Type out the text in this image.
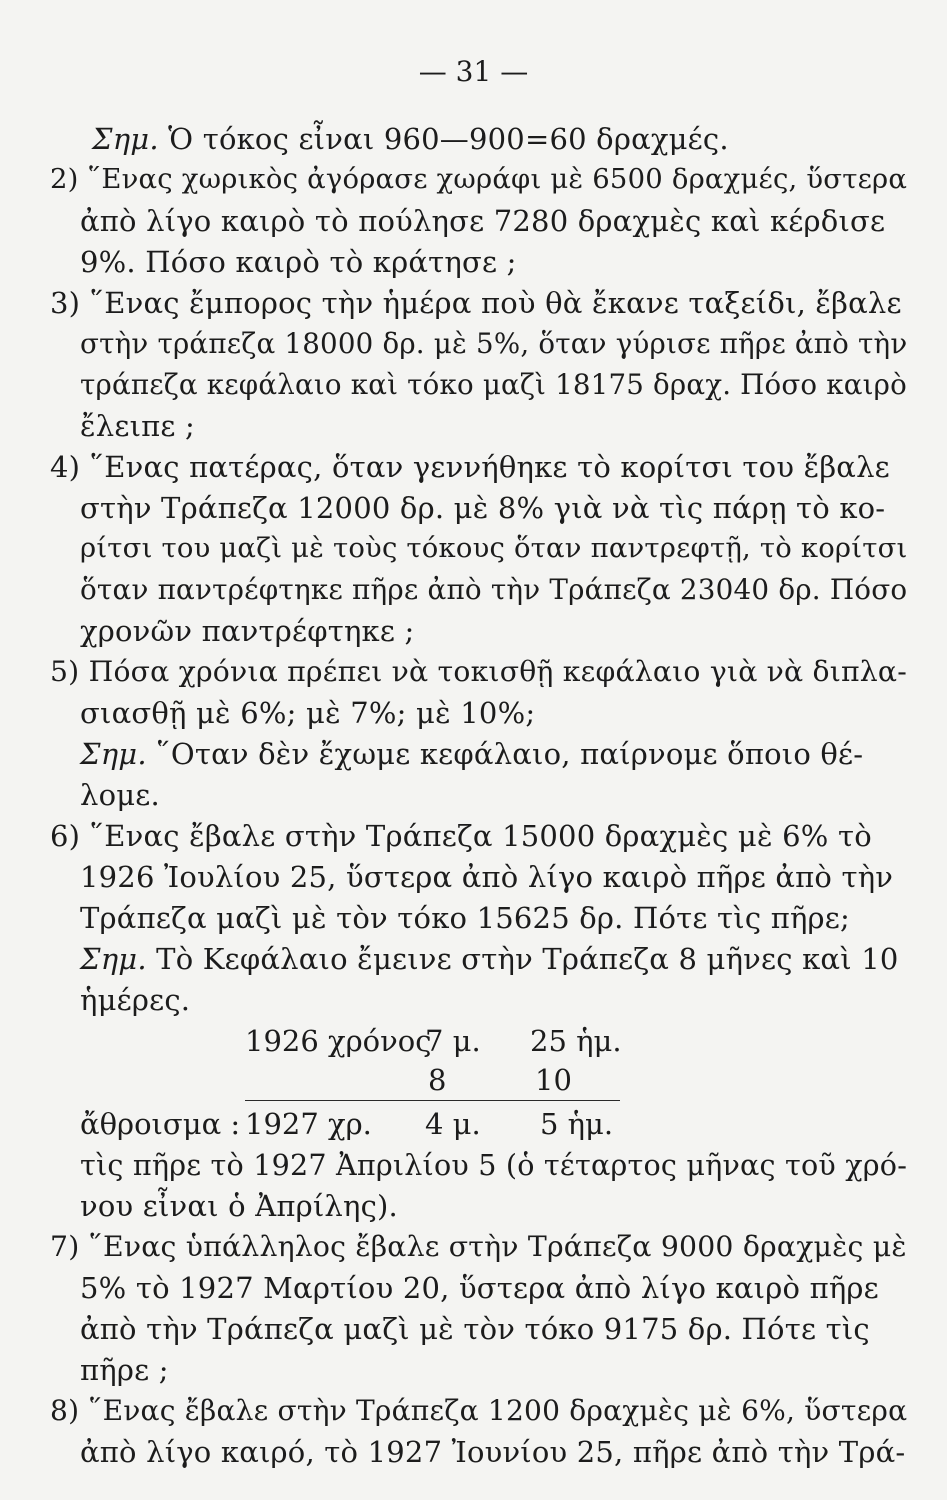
— 31 —
Σημ. Ὁ τόκος εἶναι 960—900=60 δραχμές.
2) ῞Ενας χωρικὸς ἀγόρασε χωράφι μὲ 6500 δραχμές, ὕστερα
ἀπὸ λίγο καιρὸ τὸ πούλησε 7280 δραχμὲς καὶ κέρδισε
9%. Πόσο καιρὸ τὸ κράτησε ;
3) ῞Ενας ἔμπορος τὴν ἡμέρα ποὺ θὰ ἔκανε ταξείδι, ἔβαλε
στὴν τράπεζα 18000 δρ. μὲ 5%, ὅταν γύρισε πῆρε ἀπὸ τὴν
τράπεζα κεφάλαιο καὶ τόκο μαζὶ 18175 δραχ. Πόσο καιρὸ
ἔλειπε ;
4) ῞Ενας πατέρας, ὅταν γεννήθηκε τὸ κορίτσι του ἔβαλε
στὴν Τράπεζα 12000 δρ. μὲ 8% γιὰ νὰ τὶς πάρῃ τὸ κο-
ρίτσι του μαζὶ μὲ τοὺς τόκους ὅταν παντρεφτῇ, τὸ κορίτσι
ὅταν παντρέφτηκε πῆρε ἀπὸ τὴν Τράπεζα 23040 δρ. Πόσο
χρονῶν παντρέφτηκε ;
5) Πόσα χρόνια πρέπει νὰ τοκισθῇ κεφάλαιο γιὰ νὰ διπλα-
σιασθῇ μὲ 6%; μὲ 7%; μὲ 10%;
Σημ. ῞Οταν δὲν ἔχωμε κεφάλαιο, παίρνομε ὅποιο θέ-
λομε.
6) ῞Ενας ἔβαλε στὴν Τράπεζα 15000 δραχμὲς μὲ 6% τὸ
1926 Ἰουλίου 25, ὕστερα ἀπὸ λίγο καιρὸ πῆρε ἀπὸ τὴν
Τράπεζα μαζὶ μὲ τὸν τόκο 15625 δρ. Πότε τὶς πῆρε;
Σημ. Τὸ Κεφάλαιο ἔμεινε στὴν Τράπεζα 8 μῆνες καὶ 10
ἡμέρες.
1926 χρόνος
7 μ. 25 ἡμ.
8	10
ἄθροισμα : 1927 χρ. 4 μ. 5 ἡμ.
τὶς πῆρε τὸ 1927 Ἀπριλίου 5 (ὁ τέταρτος μῆνας τοῦ χρό-
νου εἶναι ὁ Ἀπρίλης).
7) ῞Ενας ὑπάλληλος ἔβαλε στὴν Τράπεζα 9000 δραχμὲς μὲ
5% τὸ 1927 Μαρτίου 20, ὕστερα ἀπὸ λίγο καιρὸ πῆρε
ἀπὸ τὴν Τράπεζα μαζὶ μὲ τὸν τόκο 9175 δρ. Πότε τὶς
πῆρε ;
8) ῞Ενας ἔβαλε στὴν Τράπεζα 1200 δραχμὲς μὲ 6%, ὕστερα
ἀπὸ λίγο καιρό, τὸ 1927 Ἰουνίου 25, πῆρε ἀπὸ τὴν Τρά-
